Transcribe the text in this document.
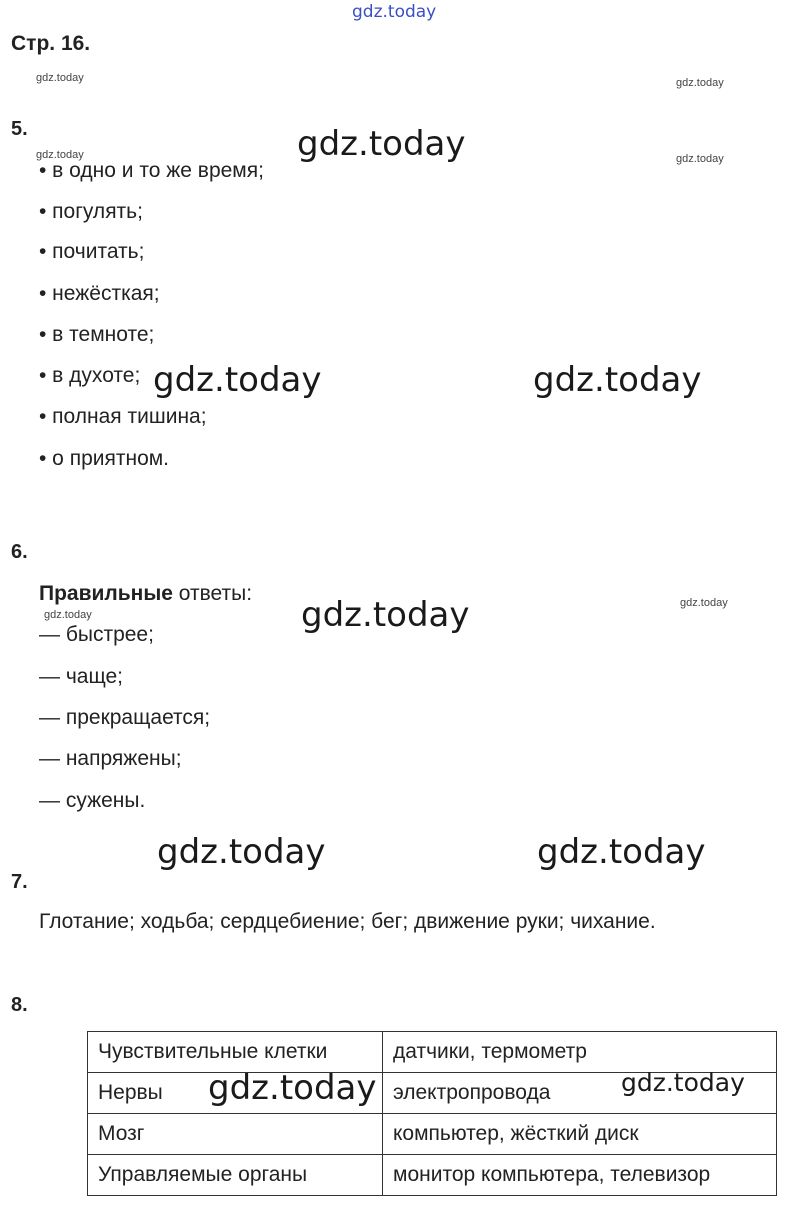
gdz.today
Стр. 16.
gdz.today	gdz.today
gdz.today	gdz.today
gdz.today
gdz.today
5.
• в одно и то же время;
• погулять;
• почитать;
• нежёсткая;
• в темноте;
• в духоте;
• полная тишина;
• о приятном.
gdz.today
gdz.today	gdz.today
gdz.today
gdz.today	gdz.today
6.
Правильные ответы:
— быстрее;
— чаще;
— прекращается;
— напряжены;
— сужены.
7.
Глотание; ходьба; сердцебиение; бег; движение руки; чихание.
8.
Чувствительные клетки	датчики, термометр
Нервы	электропровода
Мозг	компьютер, жёсткий диск
Управляемые органы	монитор компьютера, телевизор
gdz.today	gdz.today
